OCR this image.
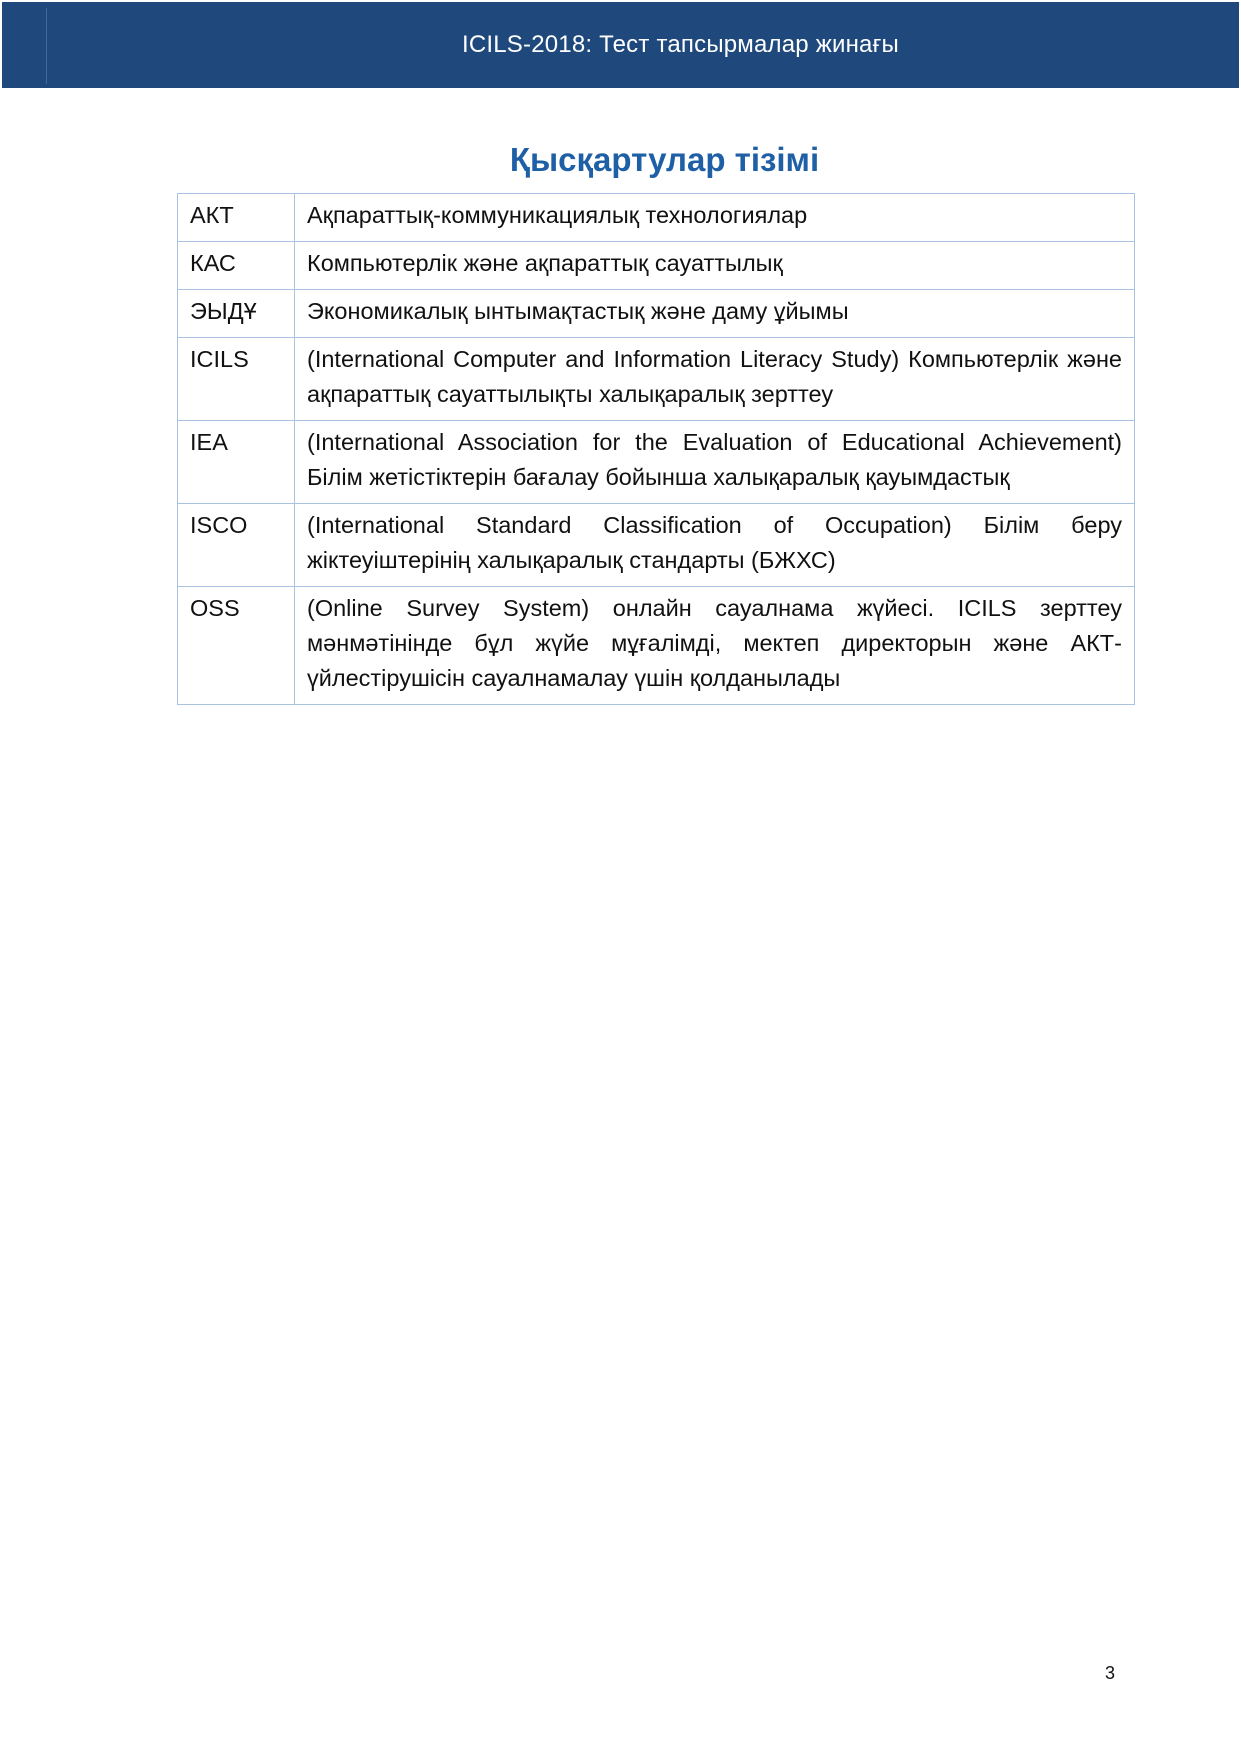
ICILS-2018: Тест тапсырмалар жинағы
Қысқартулар тізімі
АКТ	Ақпараттық-коммуникациялық технологиялар
КАС	Компьютерлік және ақпараттық сауаттылық
ЭЫДҰ	Экономикалық ынтымақтастық және даму ұйымы
ICILS	(International Computer and Information Literacy Study) Компьютерлік және ақпараттық сауаттылықты халықаралық зерттеу
IEA	(International Association for the Evaluation of Educational Achievement) Білім жетістіктерін бағалау бойынша халықаралық қауымдастық
ISCO	(International Standard Classification of Occupation) Білім беру жіктеуіштерінің халықаралық стандарты (БЖХС)
OSS	(Online Survey System) онлайн сауалнама жүйесі. ICILS зерттеу мәнмәтінінде бұл жүйе мұғалімді, мектеп директорын және АКТ-үйлестірушісін сауалнамалау үшін қолданылады
3
